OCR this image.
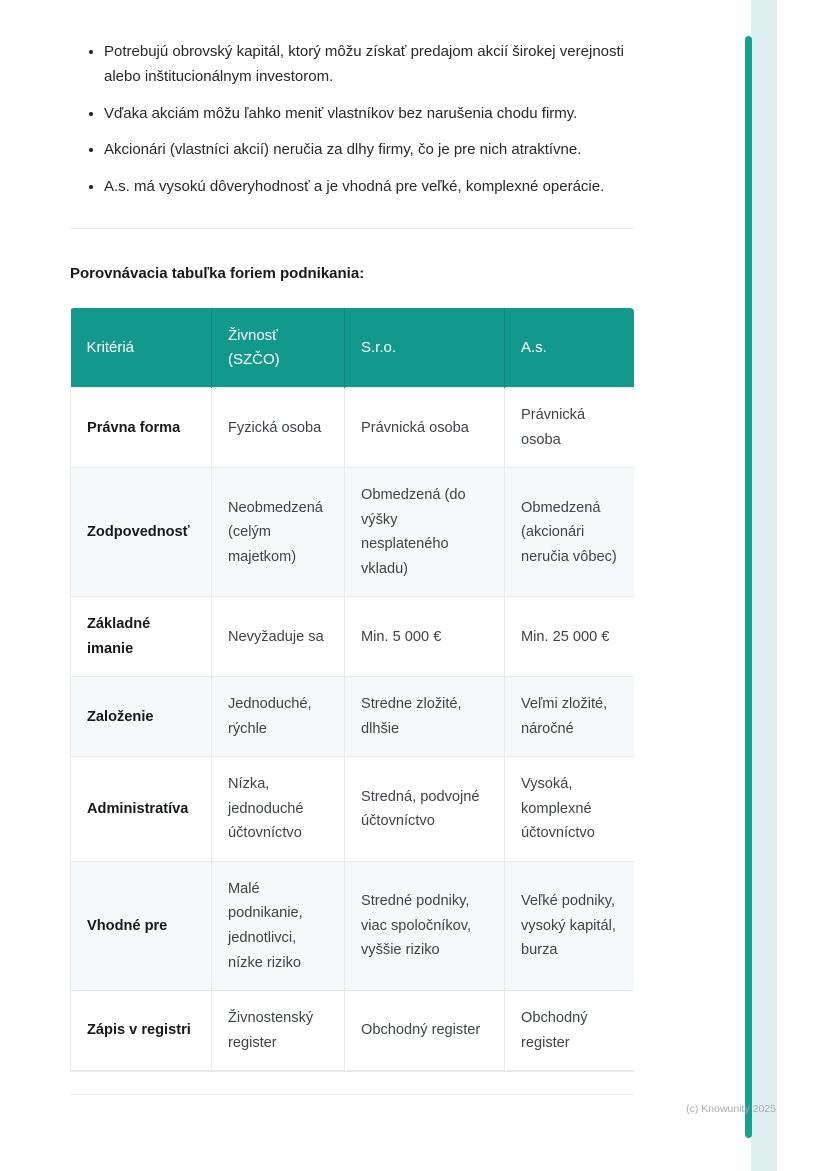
• Potrebujú obrovský kapitál, ktorý môžu získať predajom akcií širokej verejnosti alebo inštitucionálnym investorom.
• Vďaka akciám môžu ľahko meniť vlastníkov bez narušenia chodu firmy.
• Akcionári (vlastníci akcií) neručia za dlhy firmy, čo je pre nich atraktívne.
• A.s. má vysokú dôveryhodnosť a je vhodná pre veľké, komplexné operácie.
Porovnávacia tabuľka foriem podnikania:
Kritériá	Živnosť (SZČO)	S.r.o.	A.s.
Právna forma	Fyzická osoba	Právnická osoba	Právnická osoba
Zodpovednosť	Neobmedzená (celým majetkom)	Obmedzená (do výšky nesplateného vkladu)	Obmedzená (akcionári neručia vôbec)
Základné imanie	Nevyžaduje sa	Min. 5 000 €	Min. 25 000 €
Založenie	Jednoduché, rýchle	Stredne zložité, dlhšie	Veľmi zložité, náročné
Administratíva	Nízka, jednoduché účtovníctvo	Stredná, podvojné účtovníctvo	Vysoká, komplexné účtovníctvo
Vhodné pre	Malé podnikanie, jednotlivci, nízke riziko	Stredné podniky, viac spoločníkov, vyššie riziko	Veľké podniky, vysoký kapitál, burza
Zápis v registri	Živnostenský register	Obchodný register	Obchodný register
(c) Knowunity 2025
